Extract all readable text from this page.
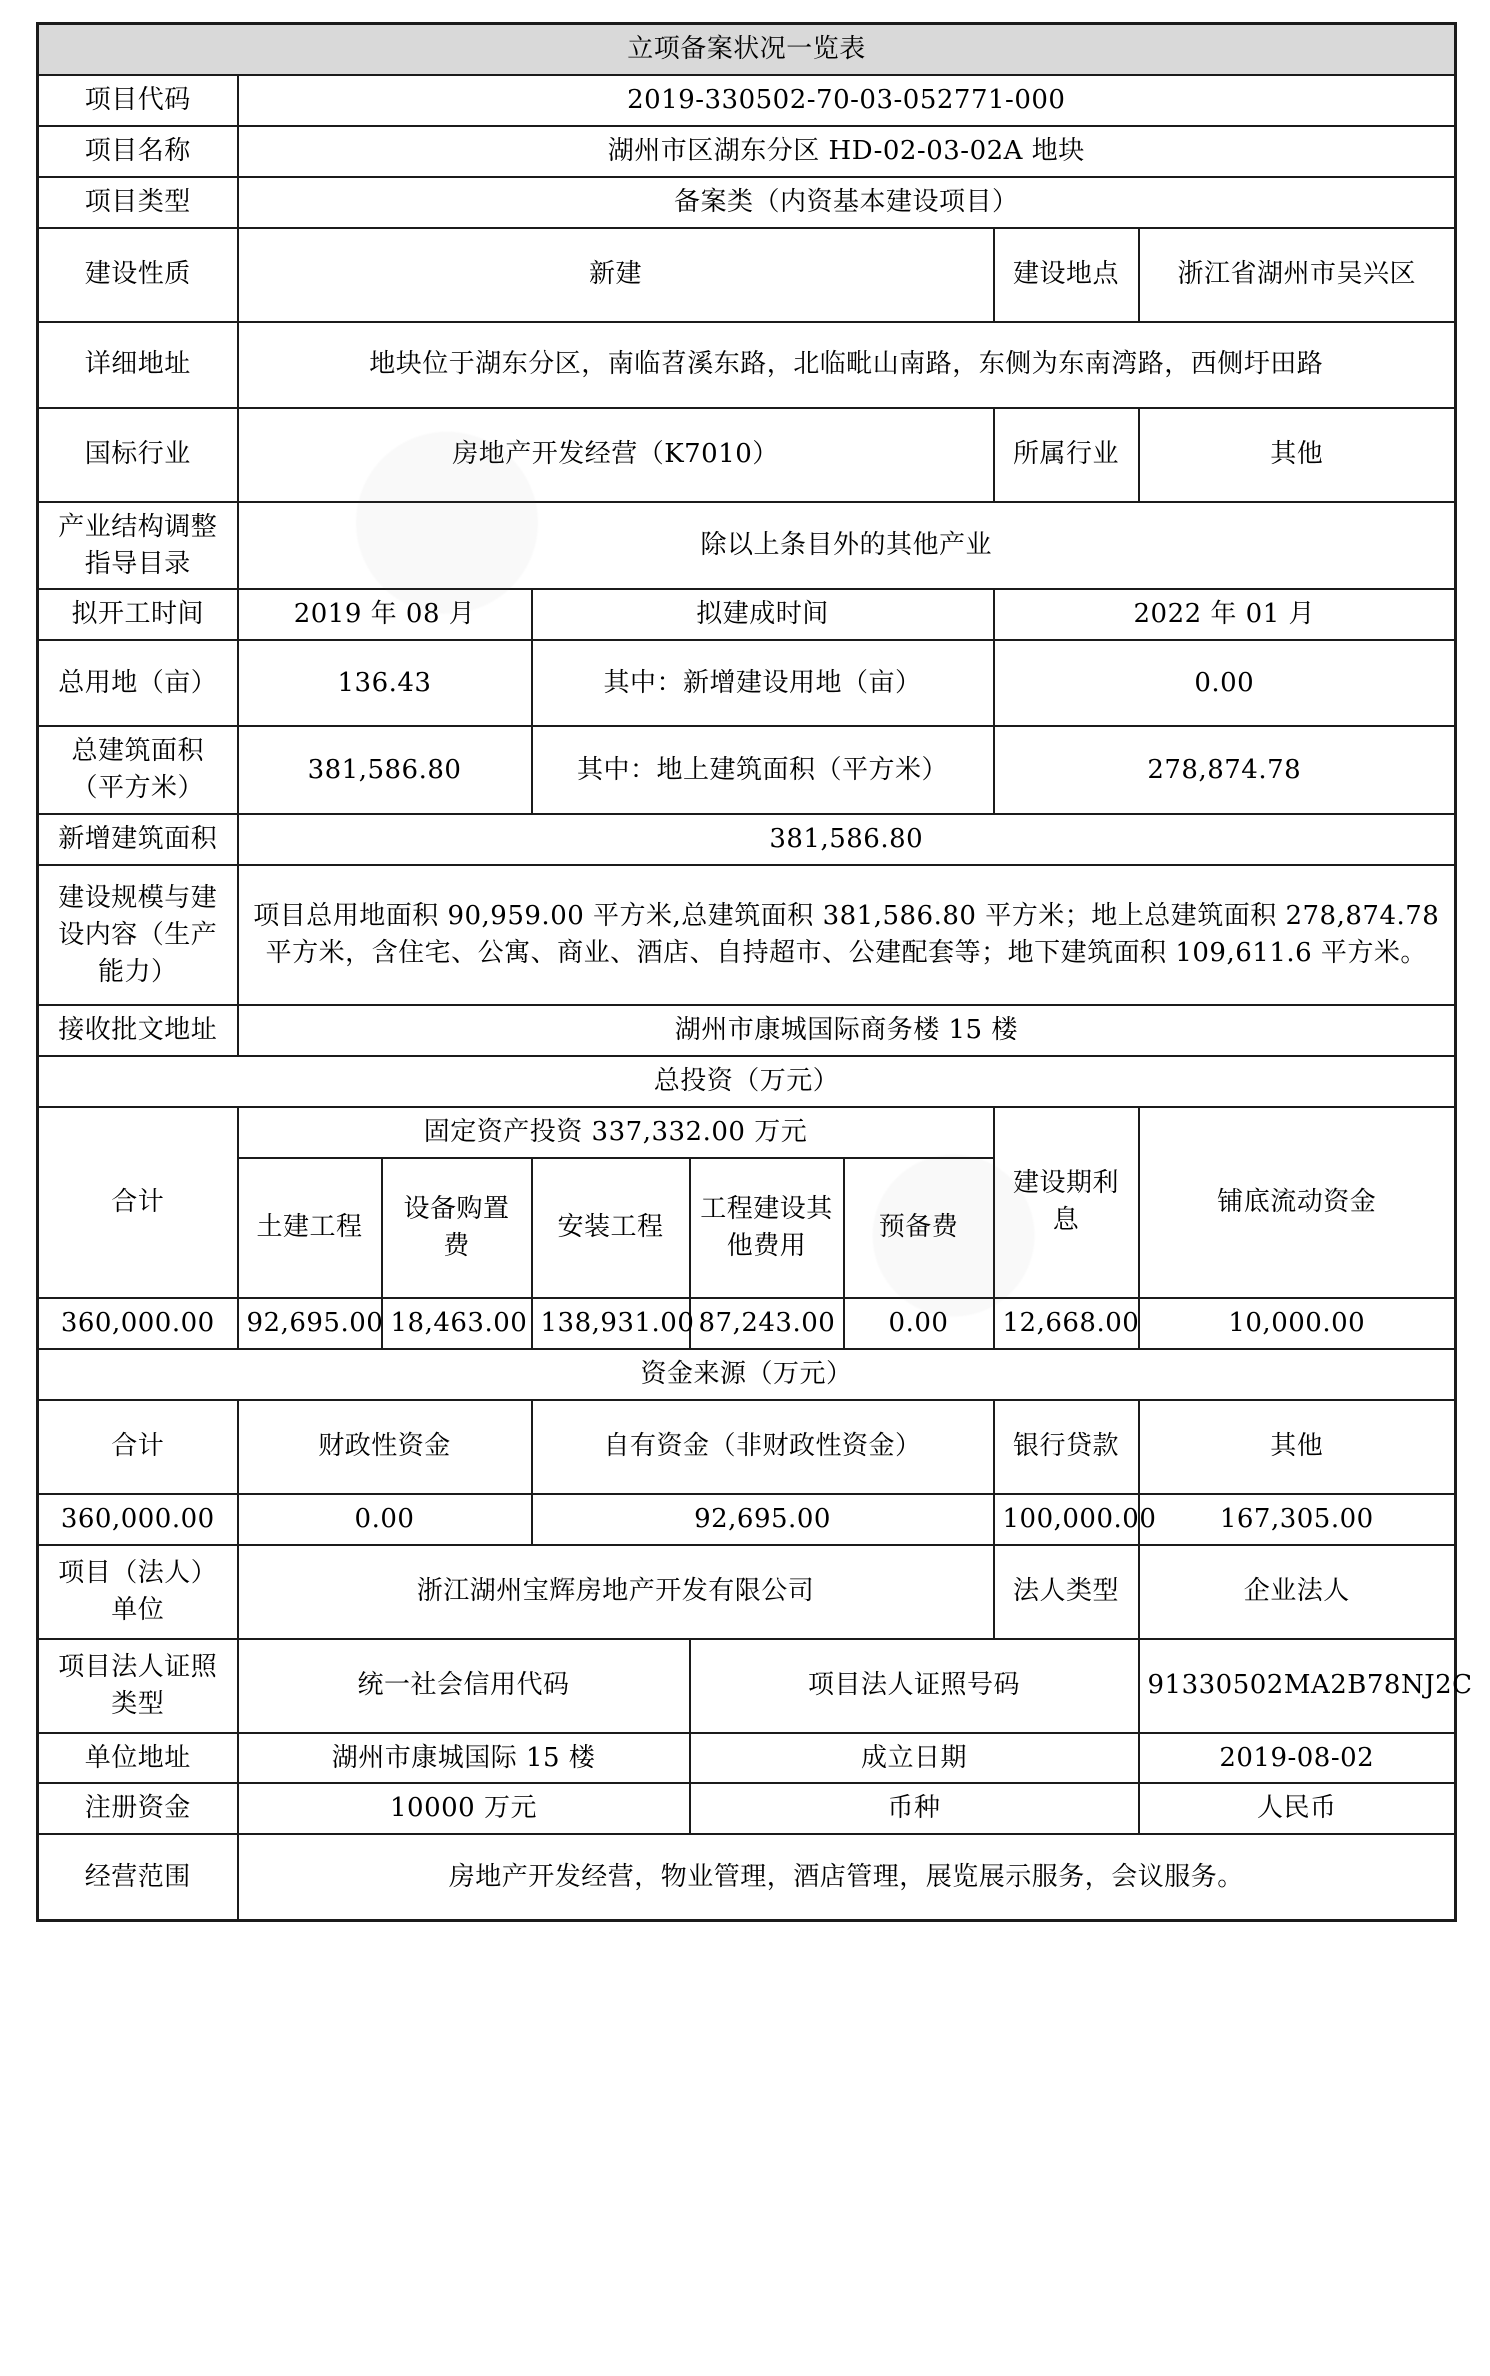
立项备案状况一览表							
项目代码	2019-330502-70-03-052771-000						
项目名称	湖州市区湖东分区 HD-02-03-02A 地块						
项目类型	备案类（内资基本建设项目）						
建设性质	新建					建设地点	浙江省湖州市吴兴区
详细地址	地块位于湖东分区，南临苕溪东路，北临毗山南路，东侧为东南湾路，西侧圩田路						
国标行业	房地产开发经营（K7010）					所属行业	其他
产业结构调整指导目录	除以上条目外的其他产业						
拟开工时间	2019 年 08 月		拟建成时间			2022 年 01 月	
总用地（亩）	136.43		其中：新增建设用地（亩）			0.00	
总建筑面积（平方米）	381,586.80		其中：地上建筑面积（平方米）			278,874.78	
新增建筑面积	381,586.80						
建设规模与建设内容（生产能力）	项目总用地面积 90,959.00 平方米,总建筑面积 381,586.80 平方米；地上总建筑面积 278,874.78 平方米，含住宅、公寓、商业、酒店、自持超市、公建配套等；地下建筑面积 109,611.6 平方米。						
接收批文地址	湖州市康城国际商务楼 15 楼						
总投资（万元）							
合计	固定资产投资 337,332.00 万元					建设期利息	铺底流动资金
	土建工程	设备购置费	安装工程	工程建设其他费用	预备费		
360,000.00	92,695.00	18,463.00	138,931.00	87,243.00	0.00	12,668.00	10,000.00
资金来源（万元）							
合计	财政性资金		自有资金（非财政性资金）			银行贷款	其他
360,000.00	0.00		92,695.00			100,000.00	167,305.00
项目（法人）单位	浙江湖州宝辉房地产开发有限公司					法人类型	企业法人
项目法人证照类型	统一社会信用代码			项目法人证照号码			91330502MA2B78NJ2C
单位地址	湖州市康城国际 15 楼			成立日期			2019-08-02
注册资金	10000 万元			币种			人民币
经营范围	房地产开发经营，物业管理，酒店管理，展览展示服务，会议服务。						
